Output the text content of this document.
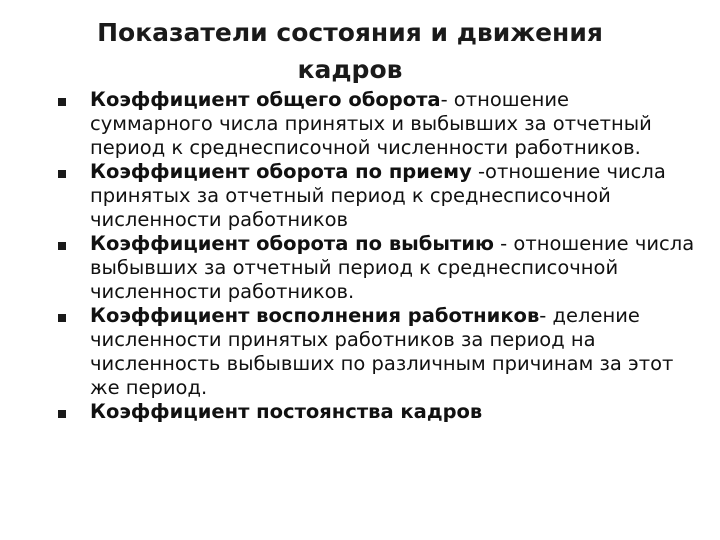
Показатели состояния и движения
кадров
Коэффициент общего оборота- отношение суммарного числа принятых и выбывших за отчетный период к среднесписочной численности работников.
Коэффициент оборота по приему -отношение числа принятых за отчетный период к среднесписочной численности работников
Коэффициент оборота по выбытию - отношение числа выбывших за отчетный период к среднесписочной численности работников.
Коэффициент восполнения работников- деление численности принятых работников за период на численность выбывших по различным причинам за этот же период.
Коэффициент постоянства кадров
